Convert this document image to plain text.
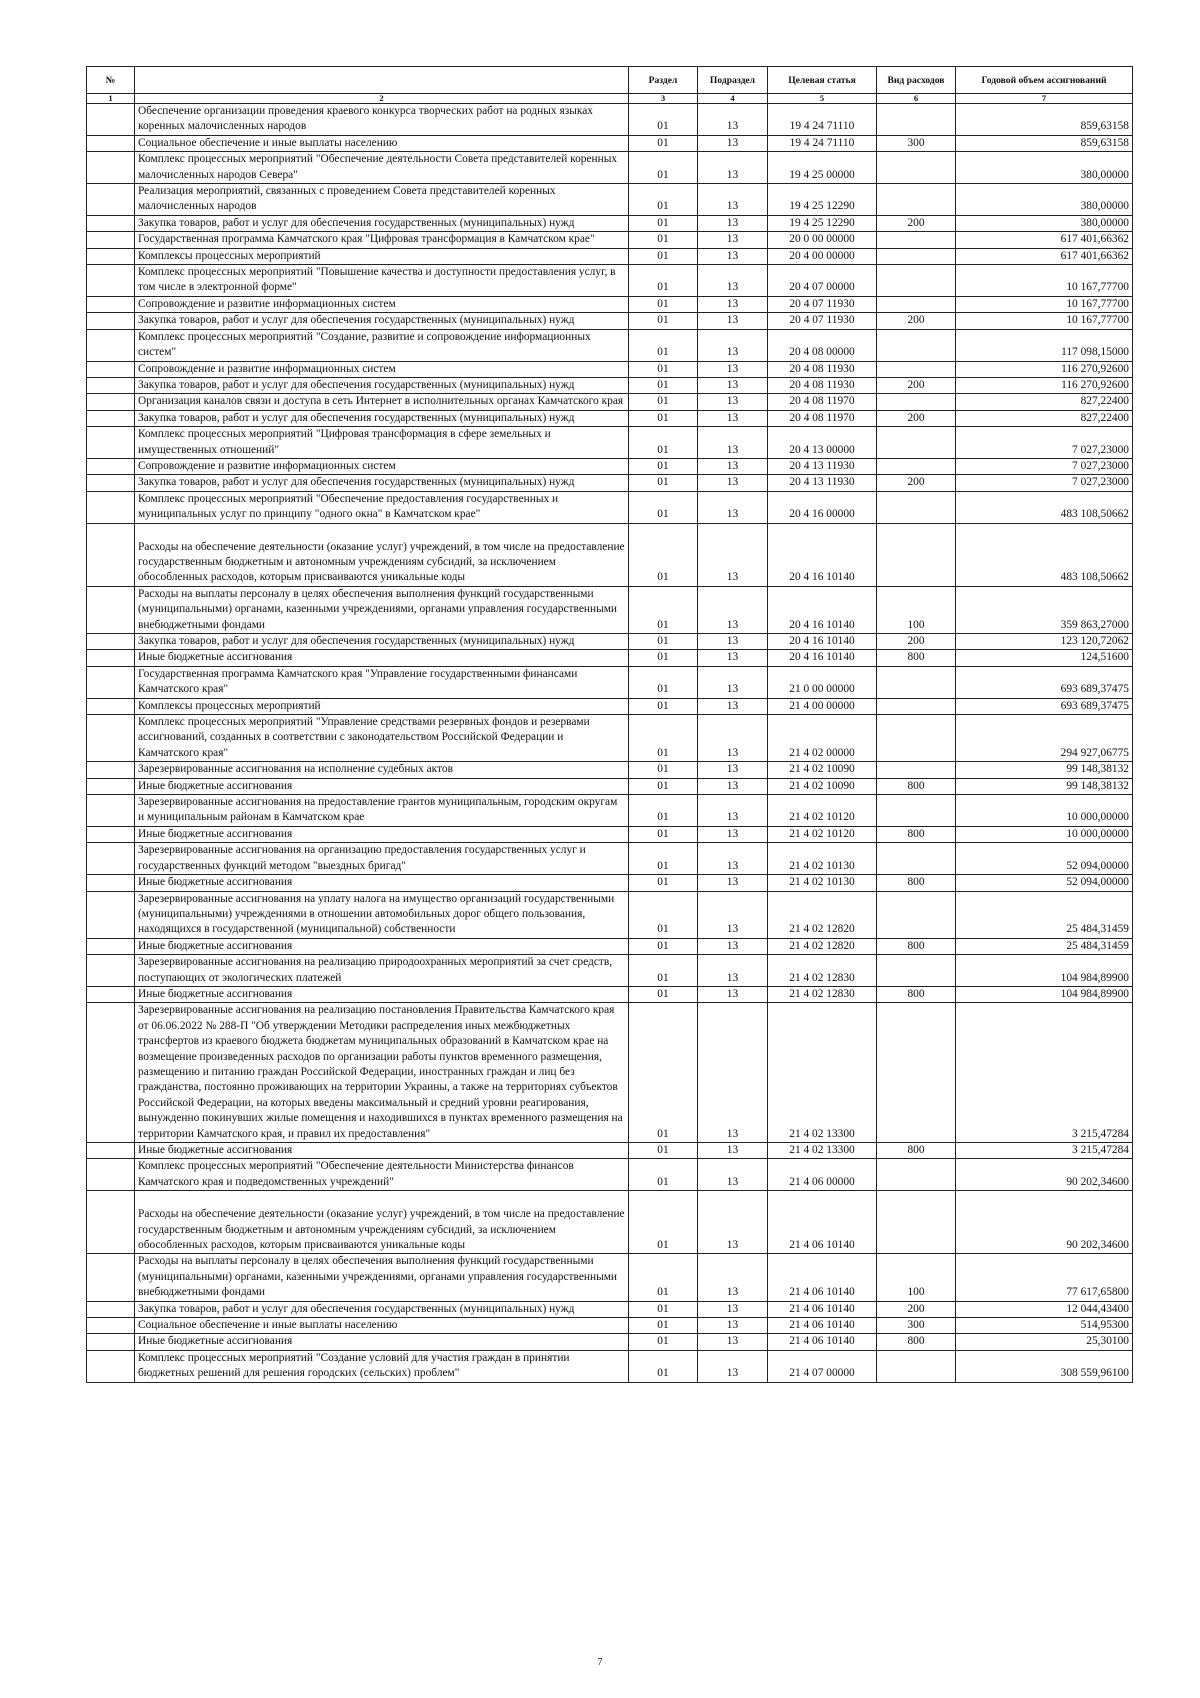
№		Раздел	Подраздел	Целевая статья	Вид расходов	Годовой объем ассигнований
1	2	3	4	5	6	7
	Обеспечение организации проведения краевого конкурса творческих работ на родных языках коренных малочисленных народов	01	13	19 4 24 71110		859,63158
	Социальное обеспечение и иные выплаты населению	01	13	19 4 24 71110	300	859,63158
	Комплекс процессных мероприятий "Обеспечение деятельности Совета представителей коренных малочисленных народов Севера"	01	13	19 4 25 00000		380,00000
	Реализация мероприятий, связанных с проведением Совета представителей коренных малочисленных народов	01	13	19 4 25 12290		380,00000
	Закупка товаров, работ и услуг для обеспечения государственных (муниципальных) нужд	01	13	19 4 25 12290	200	380,00000
	Государственная программа Камчатского края "Цифровая трансформация в Камчатском крае"	01	13	20 0 00 00000		617 401,66362
	Комплексы процессных мероприятий	01	13	20 4 00 00000		617 401,66362
	Комплекс процессных мероприятий "Повышение качества и доступности предоставления услуг, в том числе в электронной форме"	01	13	20 4 07 00000		10 167,77700
	Сопровождение и развитие информационных систем	01	13	20 4 07 11930		10 167,77700
	Закупка товаров, работ и услуг для обеспечения государственных (муниципальных) нужд	01	13	20 4 07 11930	200	10 167,77700
	Комплекс процессных мероприятий "Создание, развитие и сопровождение информационных систем"	01	13	20 4 08 00000		117 098,15000
	Сопровождение и развитие информационных систем	01	13	20 4 08 11930		116 270,92600
	Закупка товаров, работ и услуг для обеспечения государственных (муниципальных) нужд	01	13	20 4 08 11930	200	116 270,92600
	Организация каналов связи и доступа в сеть Интернет в исполнительных органах Камчатского края	01	13	20 4 08 11970		827,22400
	Закупка товаров, работ и услуг для обеспечения государственных (муниципальных) нужд	01	13	20 4 08 11970	200	827,22400
	Комплекс процессных мероприятий "Цифровая трансформация в сфере земельных и имущественных отношений"	01	13	20 4 13 00000		7 027,23000
	Сопровождение и развитие информационных систем	01	13	20 4 13 11930		7 027,23000
	Закупка товаров, работ и услуг для обеспечения государственных (муниципальных) нужд	01	13	20 4 13 11930	200	7 027,23000
	Комплекс процессных мероприятий "Обеспечение предоставления государственных и муниципальных услуг по принципу "одного окна" в Камчатском крае"	01	13	20 4 16 00000		483 108,50662
	Расходы на обеспечение деятельности (оказание услуг) учреждений, в том числе на предоставление государственным бюджетным и автономным учреждениям субсидий, за исключением обособленных расходов, которым присваиваются уникальные коды	01	13	20 4 16 10140		483 108,50662
	Расходы на выплаты персоналу в целях обеспечения выполнения функций государственными (муниципальными) органами, казенными учреждениями, органами управления государственными внебюджетными фондами	01	13	20 4 16 10140	100	359 863,27000
	Закупка товаров, работ и услуг для обеспечения государственных (муниципальных) нужд	01	13	20 4 16 10140	200	123 120,72062
	Иные бюджетные ассигнования	01	13	20 4 16 10140	800	124,51600
	Государственная программа Камчатского края "Управление государственными финансами Камчатского края"	01	13	21 0 00 00000		693 689,37475
	Комплексы процессных мероприятий	01	13	21 4 00 00000		693 689,37475
	Комплекс процессных мероприятий "Управление средствами резервных фондов и резервами ассигнований, созданных в соответствии с законодательством Российской Федерации и Камчатского края"	01	13	21 4 02 00000		294 927,06775
	Зарезервированные ассигнования на исполнение судебных актов	01	13	21 4 02 10090		99 148,38132
	Иные бюджетные ассигнования	01	13	21 4 02 10090	800	99 148,38132
	Зарезервированные ассигнования на предоставление грантов муниципальным, городским округам и муниципальным районам в Камчатском крае	01	13	21 4 02 10120		10 000,00000
	Иные бюджетные ассигнования	01	13	21 4 02 10120	800	10 000,00000
	Зарезервированные ассигнования на организацию предоставления государственных услуг и государственных функций методом "выездных бригад"	01	13	21 4 02 10130		52 094,00000
	Иные бюджетные ассигнования	01	13	21 4 02 10130	800	52 094,00000
	Зарезервированные ассигнования на уплату налога на имущество организаций государственными (муниципальными) учреждениями в отношении автомобильных дорог общего пользования, находящихся в государственной (муниципальной) собственности	01	13	21 4 02 12820		25 484,31459
	Иные бюджетные ассигнования	01	13	21 4 02 12820	800	25 484,31459
	Зарезервированные ассигнования на реализацию природоохранных мероприятий за счет средств, поступающих от экологических платежей	01	13	21 4 02 12830		104 984,89900
	Иные бюджетные ассигнования	01	13	21 4 02 12830	800	104 984,89900
	Зарезервированные ассигнования на реализацию постановления Правительства Камчатского края от 06.06.2022 № 288-П "Об утверждении Методики распределения иных межбюджетных трансфертов из краевого бюджета бюджетам муниципальных образований в Камчатском крае на возмещение произведенных расходов по организации работы пунктов временного размещения, размещению и питанию граждан Российской Федерации, иностранных граждан и лиц без гражданства, постоянно проживающих на территории Украины, а также на территориях субъектов Российской Федерации, на которых введены максимальный и средний уровни реагирования, вынужденно покинувших жилые помещения и находившихся в пунктах временного размещения на территории Камчатского края, и правил их предоставления"	01	13	21 4 02 13300		3 215,47284
	Иные бюджетные ассигнования	01	13	21 4 02 13300	800	3 215,47284
	Комплекс процессных мероприятий "Обеспечение деятельности Министерства финансов Камчатского края и подведомственных учреждений"	01	13	21 4 06 00000		90 202,34600
	Расходы на обеспечение деятельности (оказание услуг) учреждений, в том числе на предоставление государственным бюджетным и автономным учреждениям субсидий, за исключением обособленных расходов, которым присваиваются уникальные коды	01	13	21 4 06 10140		90 202,34600
	Расходы на выплаты персоналу в целях обеспечения выполнения функций государственными (муниципальными) органами, казенными учреждениями, органами управления государственными внебюджетными фондами	01	13	21 4 06 10140	100	77 617,65800
	Закупка товаров, работ и услуг для обеспечения государственных (муниципальных) нужд	01	13	21 4 06 10140	200	12 044,43400
	Социальное обеспечение и иные выплаты населению	01	13	21 4 06 10140	300	514,95300
	Иные бюджетные ассигнования	01	13	21 4 06 10140	800	25,30100
	Комплекс процессных мероприятий "Создание условий для участия граждан в принятии бюджетных решений для решения городских (сельских) проблем"	01	13	21 4 07 00000		308 559,96100
7
